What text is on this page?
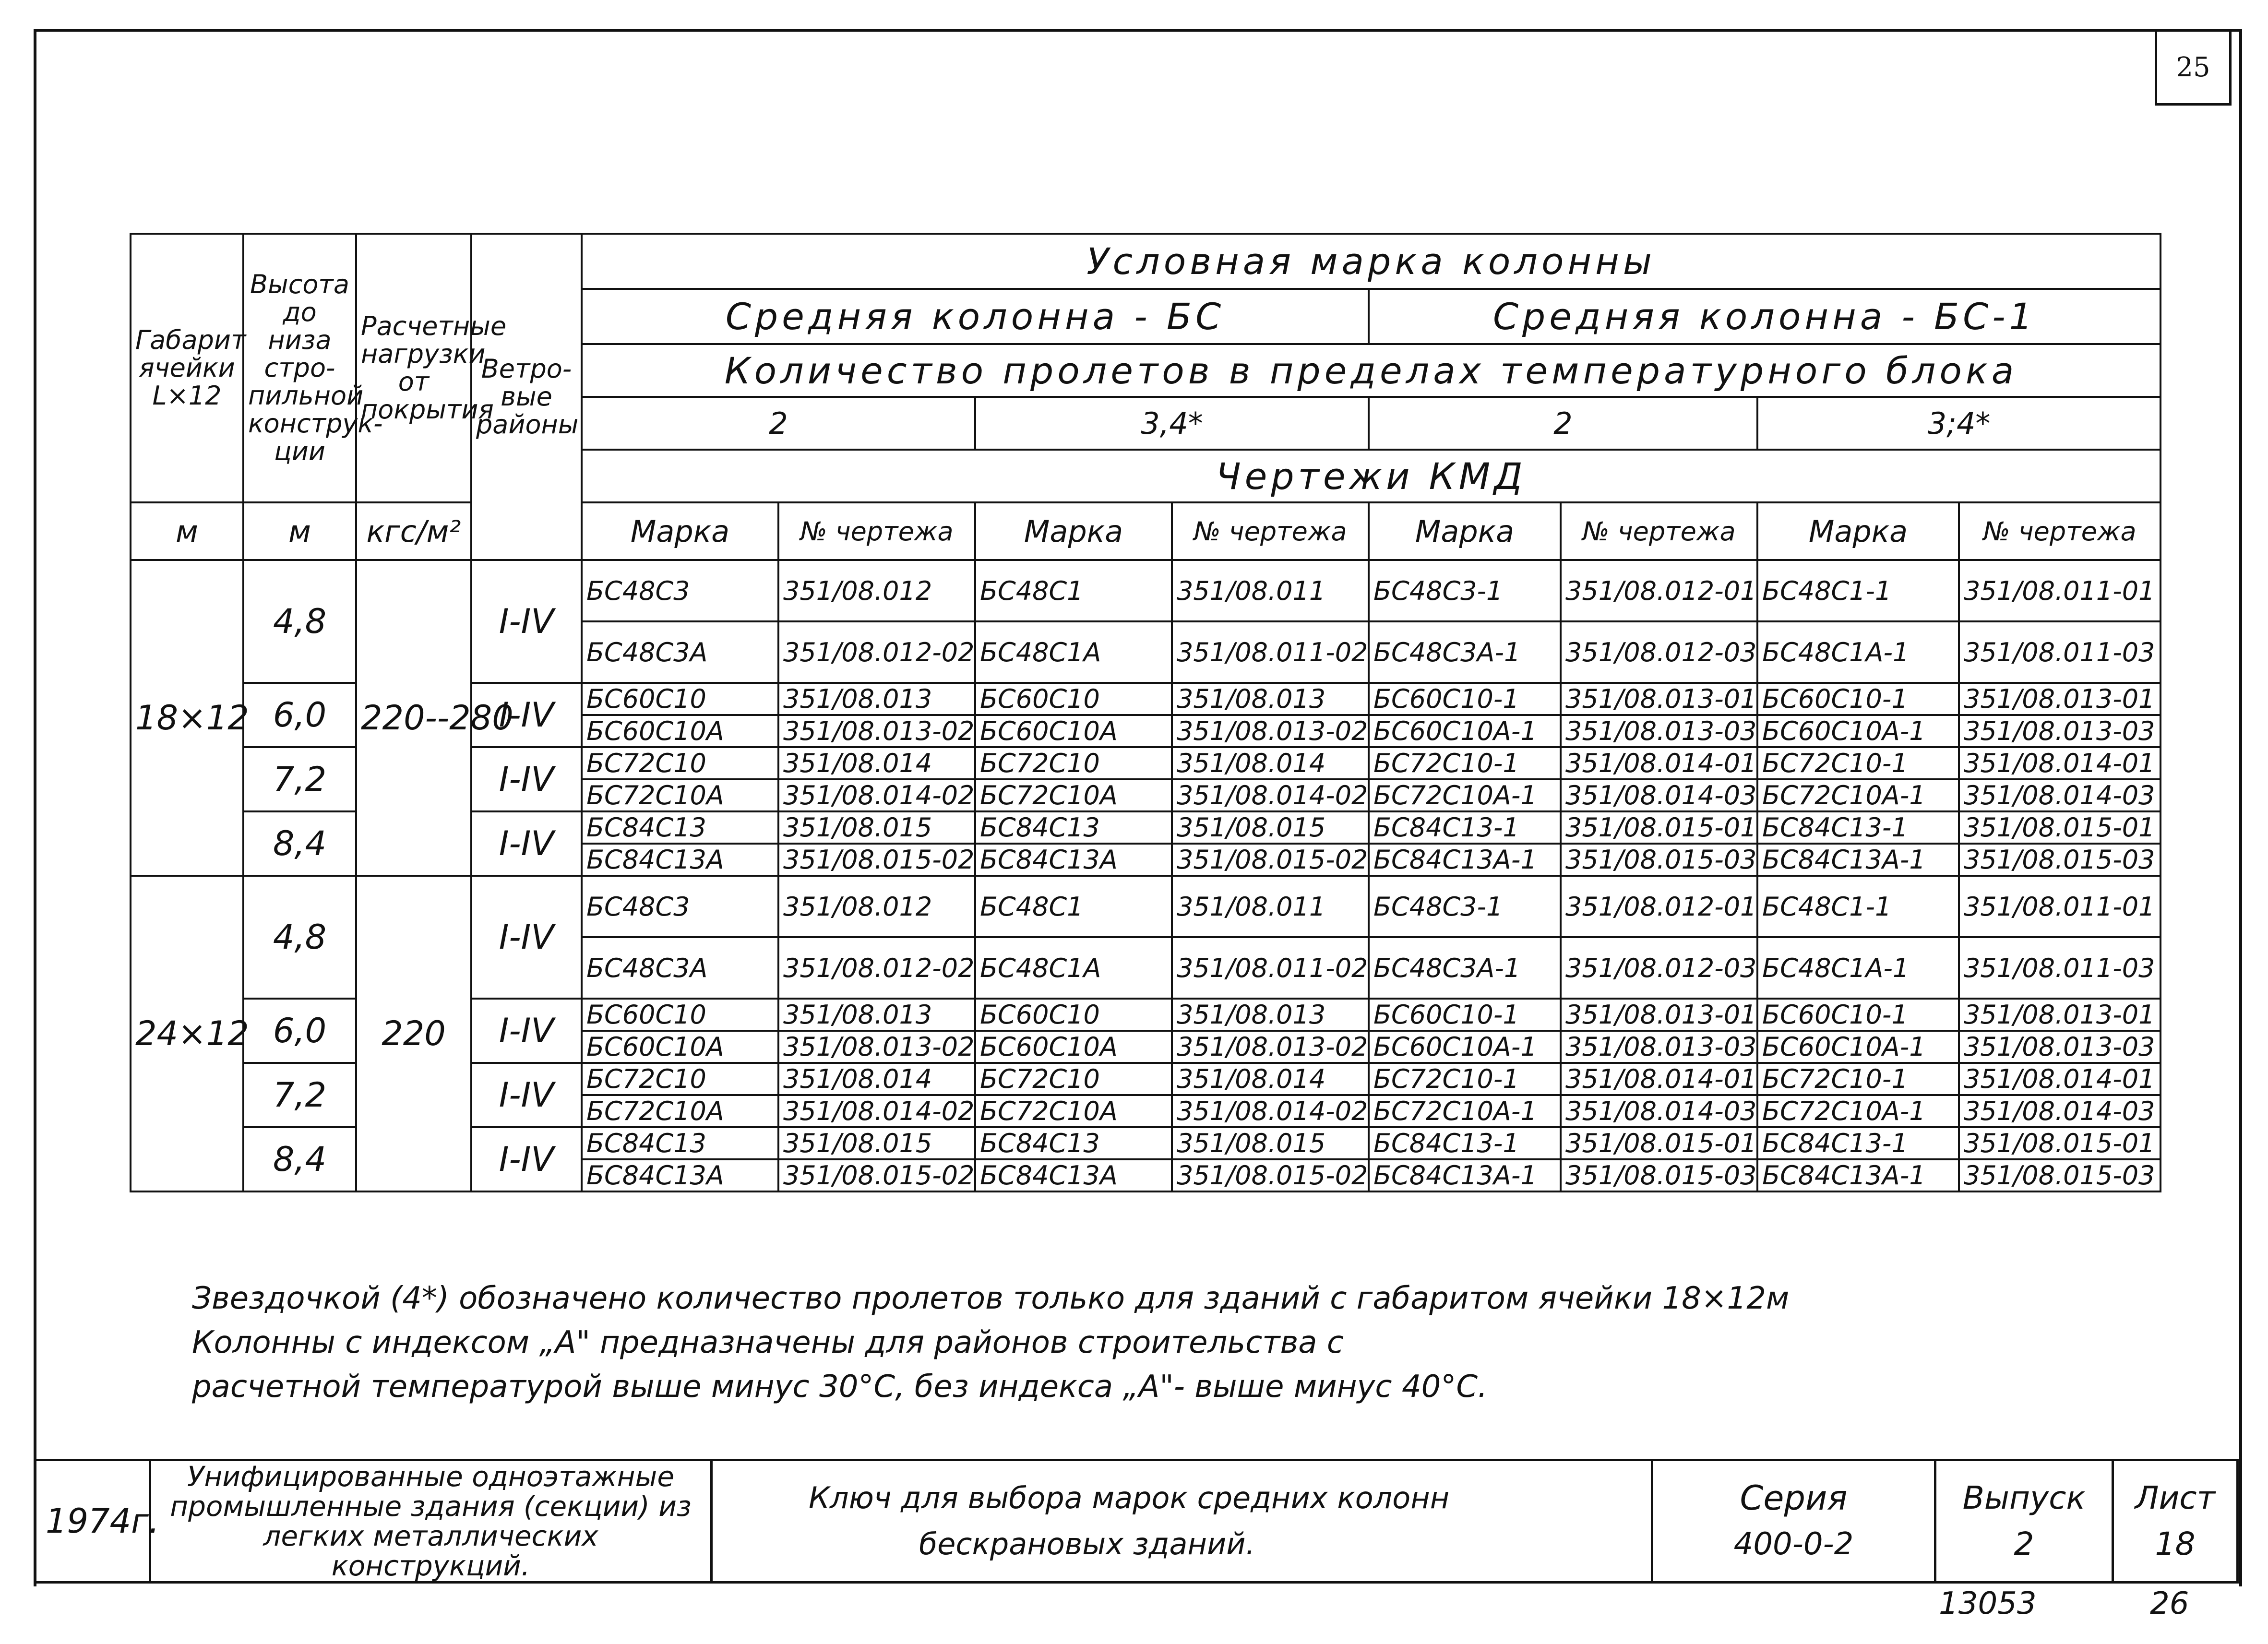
25
Габарит ячейки L×12	Высота до низа стро- пильной конструк- ции	Расчетные нагрузки от покрытия	Ветро- вые районы	Условная марка колонны							
				Средняя колонна - БС				Средняя колонна - БС-1			
				Количество пролетов в пределах температурного блока							
				2		3,4*		2		3;4*	
				Чертежи КМД							
м	м	кгс/м²		Марка	№ чертежа	Марка	№ чертежа	Марка	№ чертежа	Марка	№ чертежа
18×12	4,8	220--280	I-IV	БС48С3	351/08.012	БС48С1	351/08.011	БС48С3-1	351/08.012-01	БС48С1-1	351/08.011-01
				БС48С3А	351/08.012-02	БС48С1А	351/08.011-02	БС48С3А-1	351/08.012-03	БС48С1А-1	351/08.011-03
	6,0		I-IV	БС60С10	351/08.013	БС60С10	351/08.013	БС60С10-1	351/08.013-01	БС60С10-1	351/08.013-01
				БС60С10А	351/08.013-02	БС60С10А	351/08.013-02	БС60С10А-1	351/08.013-03	БС60С10А-1	351/08.013-03
	7,2		I-IV	БС72С10	351/08.014	БС72С10	351/08.014	БС72С10-1	351/08.014-01	БС72С10-1	351/08.014-01
				БС72С10А	351/08.014-02	БС72С10А	351/08.014-02	БС72С10А-1	351/08.014-03	БС72С10А-1	351/08.014-03
	8,4		I-IV	БС84С13	351/08.015	БС84С13	351/08.015	БС84С13-1	351/08.015-01	БС84С13-1	351/08.015-01
				БС84С13А	351/08.015-02	БС84С13А	351/08.015-02	БС84С13А-1	351/08.015-03	БС84С13А-1	351/08.015-03
24×12	4,8	220	I-IV	БС48С3	351/08.012	БС48С1	351/08.011	БС48С3-1	351/08.012-01	БС48С1-1	351/08.011-01
				БС48С3А	351/08.012-02	БС48С1А	351/08.011-02	БС48С3А-1	351/08.012-03	БС48С1А-1	351/08.011-03
	6,0		I-IV	БС60С10	351/08.013	БС60С10	351/08.013	БС60С10-1	351/08.013-01	БС60С10-1	351/08.013-01
				БС60С10А	351/08.013-02	БС60С10А	351/08.013-02	БС60С10А-1	351/08.013-03	БС60С10А-1	351/08.013-03
	7,2		I-IV	БС72С10	351/08.014	БС72С10	351/08.014	БС72С10-1	351/08.014-01	БС72С10-1	351/08.014-01
				БС72С10А	351/08.014-02	БС72С10А	351/08.014-02	БС72С10А-1	351/08.014-03	БС72С10А-1	351/08.014-03
	8,4		I-IV	БС84С13	351/08.015	БС84С13	351/08.015	БС84С13-1	351/08.015-01	БС84С13-1	351/08.015-01
				БС84С13А	351/08.015-02	БС84С13А	351/08.015-02	БС84С13А-1	351/08.015-03	БС84С13А-1	351/08.015-03
Звездочкой (4*) обозначено количество пролетов только для зданий с габаритом ячейки 18×12м
Колонны с индексом „А" предназначены для районов строительства с
расчетной температурой выше минус 30°С, без индекса „А"- выше минус 40°С.
1974г.	Унифицированные одноэтажные промышленные здания (секции) из легких металлических конструкций.	
Ключ для выбора марок средних колонн
бескрановых зданий.

Серия
400-0-2

Выпуск
2

Лист
18
13053	26
